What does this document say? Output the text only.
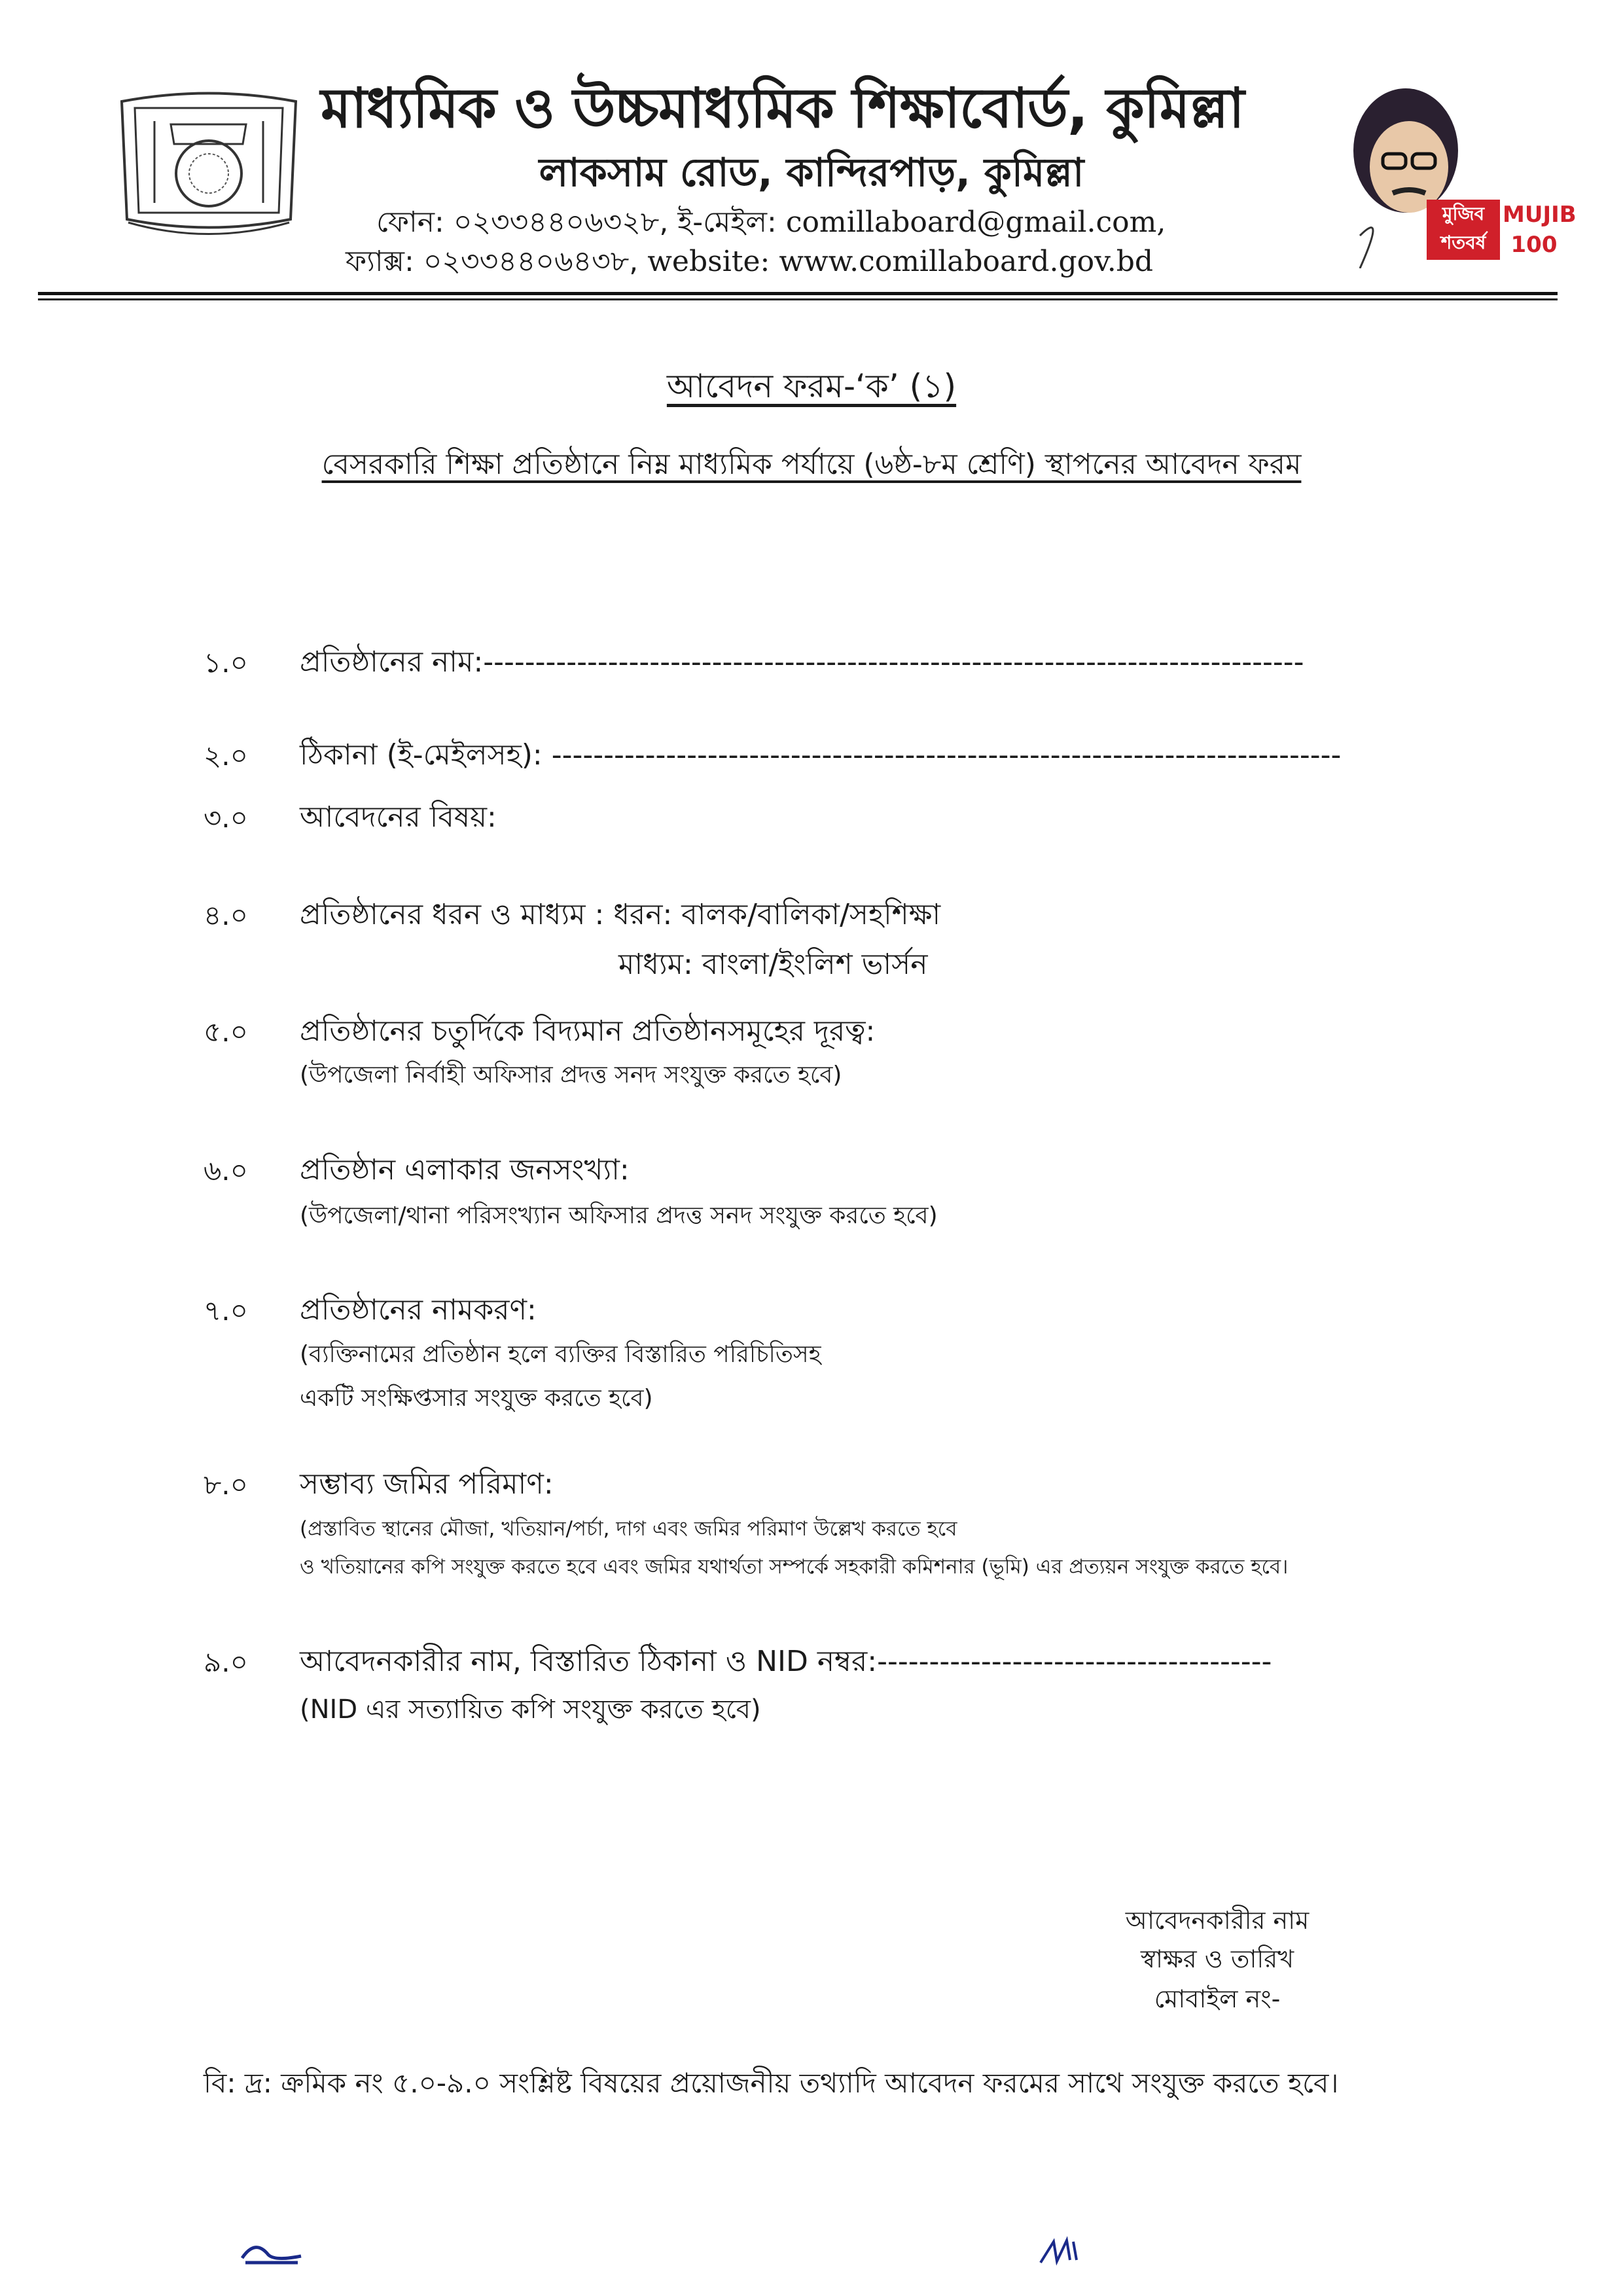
মাধ্যমিক ও উচ্চমাধ্যমিক শিক্ষাবোর্ড, কুমিল্লা
লাকসাম রোড, কান্দিরপাড়, কুমিল্লা
ফোন: ০২৩৩৪৪০৬৩২৮, ই-মেইল: comillaboard@gmail.com,
ফ্যাক্স: ০২৩৩৪৪০৬৪৩৮, website: www.comillaboard.gov.bd
মুজিব শতবর্ষ
MUJIB 100
আবেদন ফরম-‘ক’ (১)
বেসরকারি শিক্ষা প্রতিষ্ঠানে নিম্ন মাধ্যমিক পর্যায়ে (৬ষ্ঠ-৮ম শ্রেণি) স্থাপনের আবেদন ফরম
১.০ প্রতিষ্ঠানের নাম:-------------------------------------------------------------------------------
২.০ ঠিকানা (ই-মেইলসহ): ----------------------------------------------------------------------------
৩.০ আবেদনের বিষয়:
৪.০ প্রতিষ্ঠানের ধরন ও মাধ্যম : ধরন: বালক/বালিকা/সহশিক্ষা
মাধ্যম: বাংলা/ইংলিশ ভার্সন
৫.০ প্রতিষ্ঠানের চতুর্দিকে বিদ্যমান প্রতিষ্ঠানসমূহের দূরত্ব:
(উপজেলা নির্বাহী অফিসার প্রদত্ত সনদ সংযুক্ত করতে হবে)
৬.০ প্রতিষ্ঠান এলাকার জনসংখ্যা:
(উপজেলা/থানা পরিসংখ্যান অফিসার প্রদত্ত সনদ সংযুক্ত করতে হবে)
৭.০ প্রতিষ্ঠানের নামকরণ:
(ব্যক্তিনামের প্রতিষ্ঠান হলে ব্যক্তির বিস্তারিত পরিচিতিসহ
একটি সংক্ষিপ্তসার সংযুক্ত করতে হবে)
৮.০ সম্ভাব্য জমির পরিমাণ:
(প্রস্তাবিত স্থানের মৌজা, খতিয়ান/পর্চা, দাগ এবং জমির পরিমাণ উল্লেখ করতে হবে
ও খতিয়ানের কপি সংযুক্ত করতে হবে এবং জমির যথার্থতা সম্পর্কে সহকারী কমিশনার (ভূমি) এর প্রত্যয়ন সংযুক্ত করতে হবে।
৯.০ আবেদনকারীর নাম, বিস্তারিত ঠিকানা ও NID নম্বর:--------------------------------------
(NID এর সত্যায়িত কপি সংযুক্ত করতে হবে)
আবেদনকারীর নাম
স্বাক্ষর ও তারিখ
মোবাইল নং-
বি: দ্র: ক্রমিক নং ৫.০-৯.০ সংশ্লিষ্ট বিষয়ের প্রয়োজনীয় তথ্যাদি আবেদন ফরমের সাথে সংযুক্ত করতে হবে।
